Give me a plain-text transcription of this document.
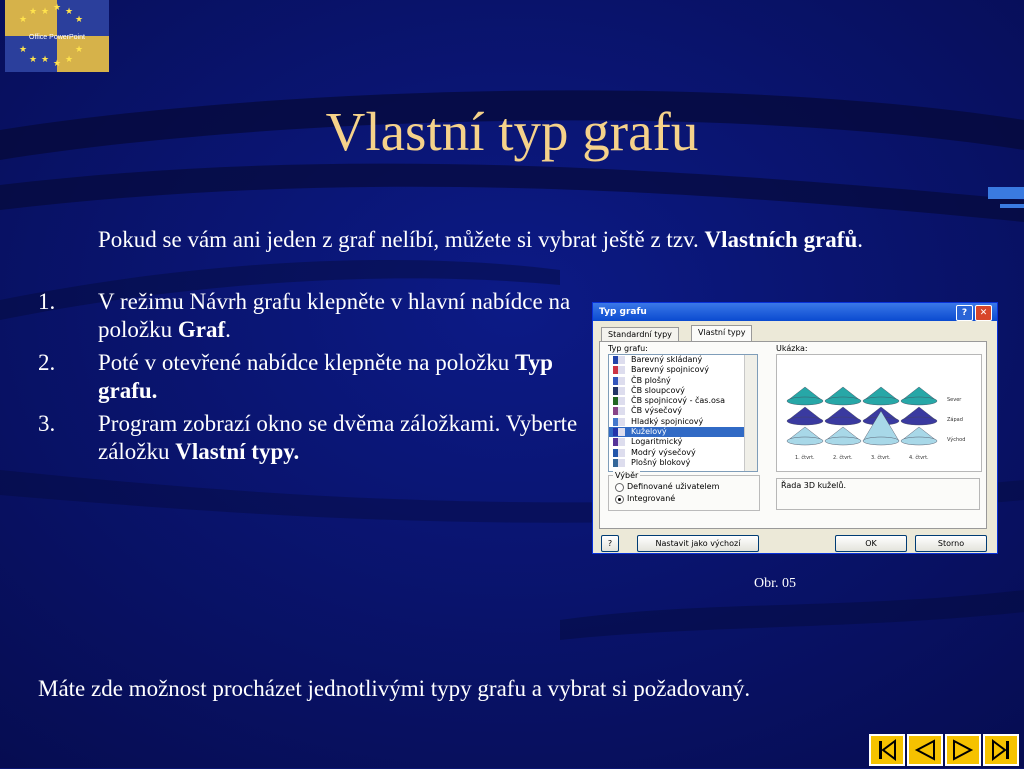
★ ★ ★ ★
★
★
★	★
★ ★ ★
★
Office PowerPoint
Vlastní typ grafu
Pokud se vám ani jeden z graf nelíbí, můžete si vybrat ještě z tzv. Vlastních grafů.
1. V režimu Návrh grafu klepněte v hlavní nabídce na položku Graf.
2. Poté v otevřené nabídce klepněte na položku Typ grafu.
3. Program zobrazí okno se dvěma záložkami. Vyberte záložku Vlastní typy.
Typ grafu	?	✕
Standardní typy	Vlastní typy
Typ grafu:	Ukázka:
Barevný skládaný
Barevný spojnicový
ČB plošný
ČB sloupcový
ČB spojnicový - čas.osa
ČB výsečový
Hladký spojnicový
Kuželový
Logaritmický
Modrý výsečový
Plošný blokový
Sever
Západ
Východ
1. čtvrt.	2. čtvrt.	3. čtvrt.	4. čtvrt.
Výběr
Definované uživatelem
Integrované
Řada 3D kuželů.
?	Nastavit jako výchozí	OK	Storno
Obr. 05
Máte zde možnost procházet jednotlivými typy grafu a vybrat si požadovaný.
